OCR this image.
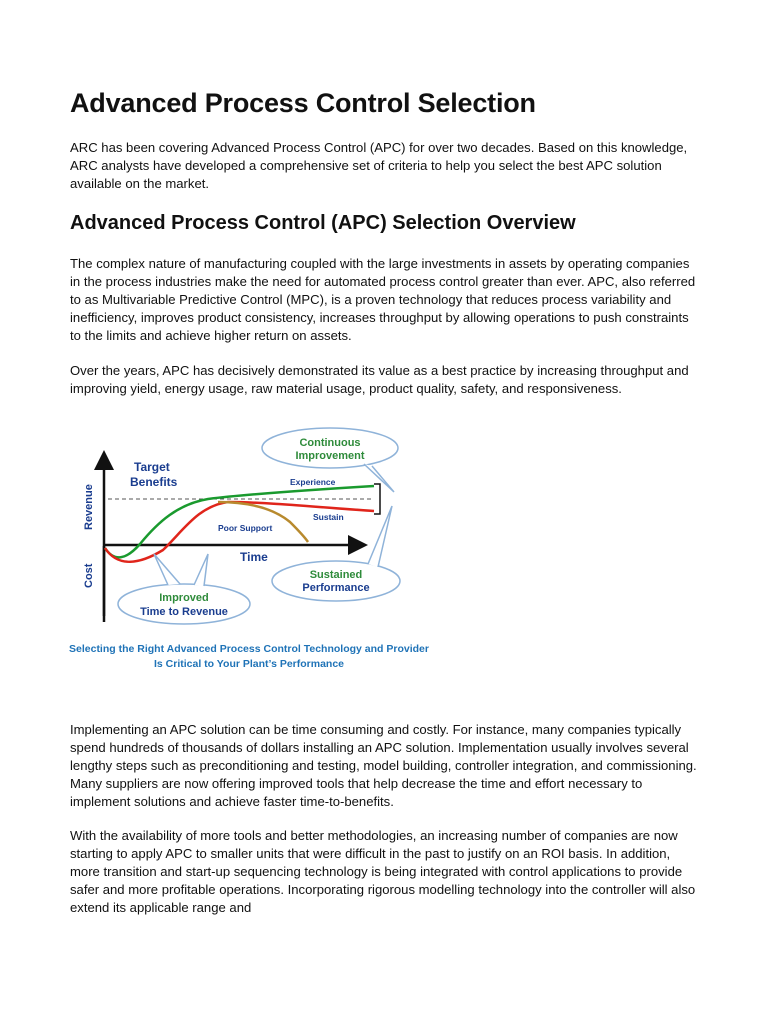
Advanced Process Control Selection

ARC has been covering Advanced Process Control (APC) for over two decades. Based on this knowledge, ARC analysts have developed a comprehensive set of criteria to help you select the best APC solution available on the market.

Advanced Process Control (APC) Selection Overview

The complex nature of manufacturing coupled with the large investments in assets by operating companies in the process industries make the need for automated process control greater than ever. APC, also referred to as Multivariable Predictive Control (MPC), is a proven technology that reduces process variability and inefficiency, improves product consistency, increases throughput by allowing operations to push constraints to the limits and achieve higher return on assets.

Over the years, APC has decisively demonstrated its value as a best practice by increasing throughput and improving yield, energy usage, raw material usage, product quality, safety, and responsiveness.

Implementing an APC solution can be time consuming and costly. For instance, many companies typically spend hundreds of thousands of dollars installing an APC solution. Implementation usually involves several lengthy steps such as preconditioning and testing, model building, controller integration, and commissioning. Many suppliers are now offering improved tools that help decrease the time and effort necessary to implement solutions and achieve faster time-to-benefits.

With the availability of more tools and better methodologies, an increasing number of companies are now starting to apply APC to smaller units that were difficult in the past to justify on an ROI basis. In addition, more transition and start-up sequencing technology is being integrated with control applications to provide safer and more profitable operations. Incorporating rigorous modelling technology into the controller will also extend its applicable range and

Revenue
Cost
Time
Target
Benefits	Experience
Sustain
Poor Support
Continuous
Improvement
Sustained
Performance
Improved
Time to Revenue
Selecting the Right Advanced Process Control Technology and Provider
Is Critical to Your Plant’s Performance
